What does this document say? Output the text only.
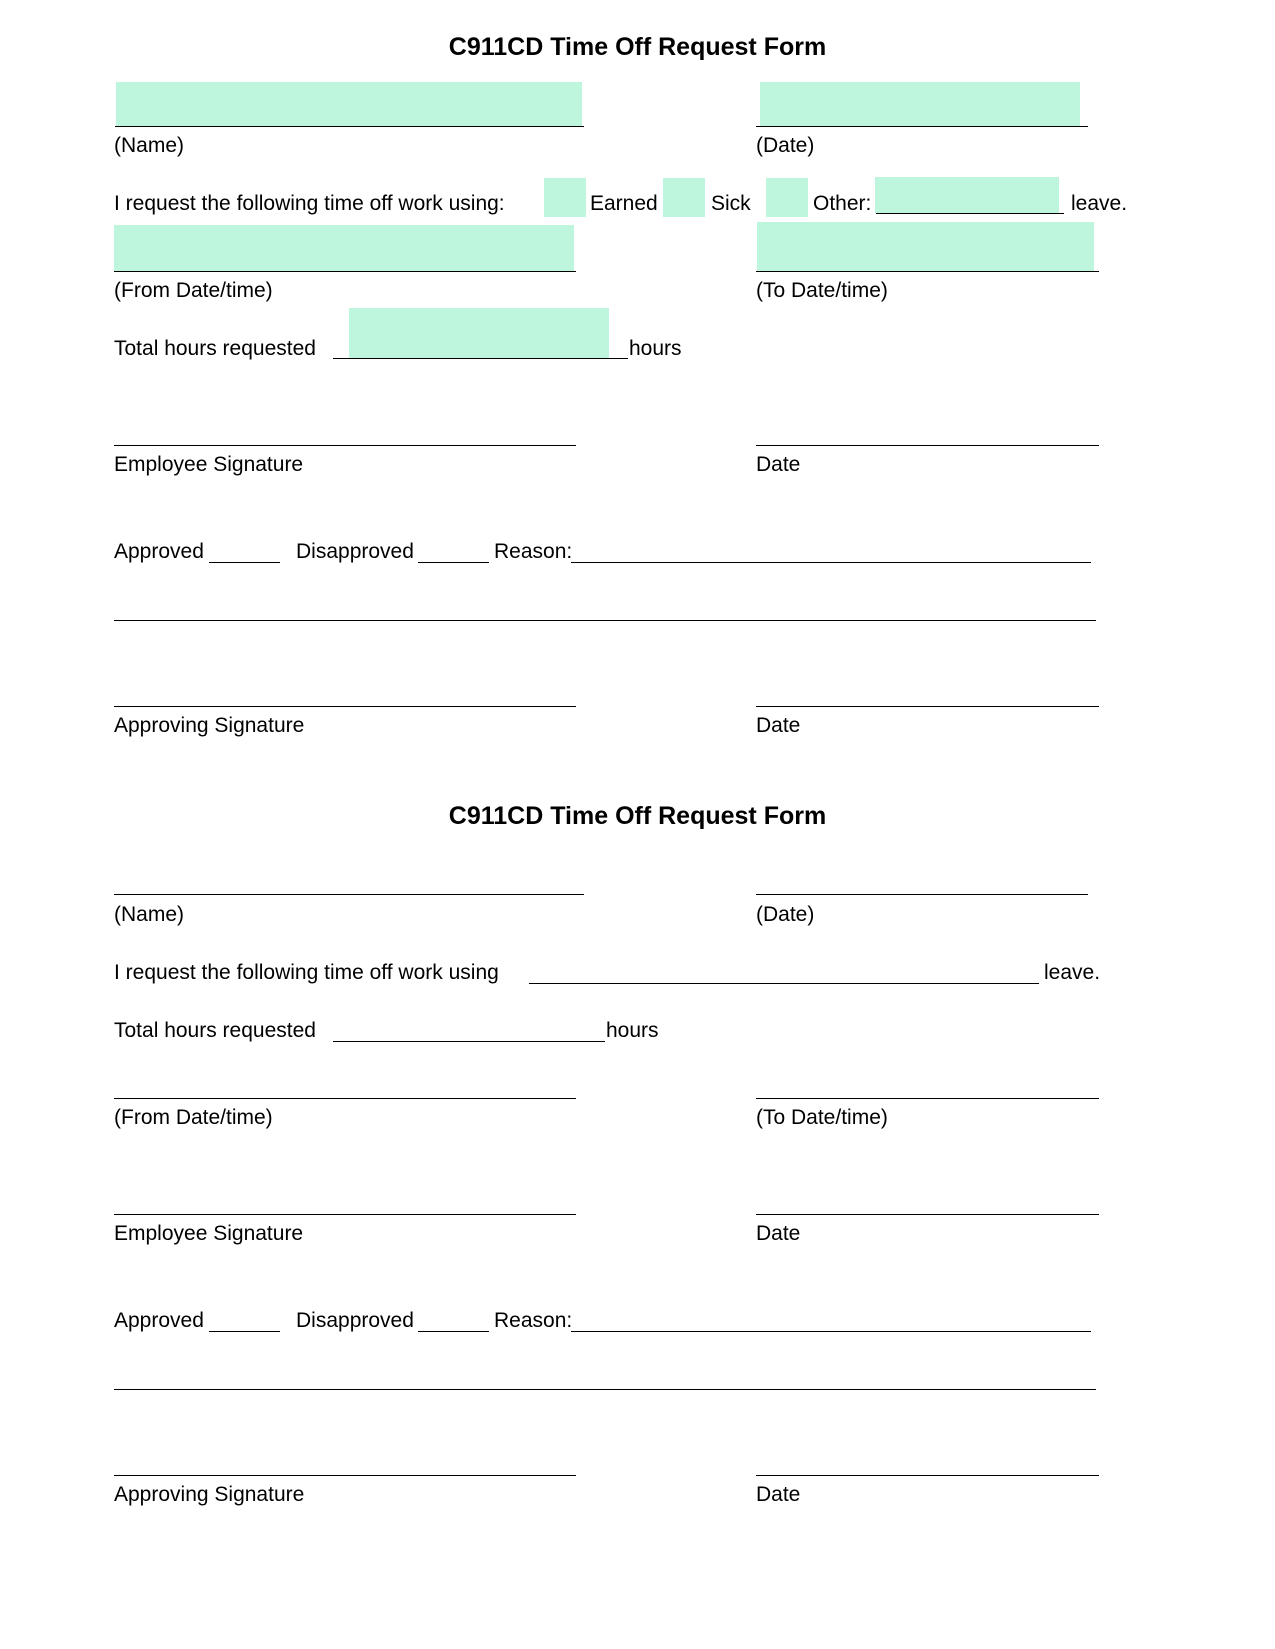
C911CD Time Off Request Form
(Name)	(Date)
I request the following time off work using:	Earned	Sick	Other:	leave.
(From Date/time)	(To Date/time)
Total hours requested	hours
Employee Signature	Date
Approved	Disapproved	Reason:
Approving Signature	Date
C911CD Time Off Request Form
(Name)	(Date)
I request the following time off work using	leave.
Total hours requested	hours
(From Date/time)	(To Date/time)
Employee Signature	Date
Approved	Disapproved	Reason:
Approving Signature	Date
